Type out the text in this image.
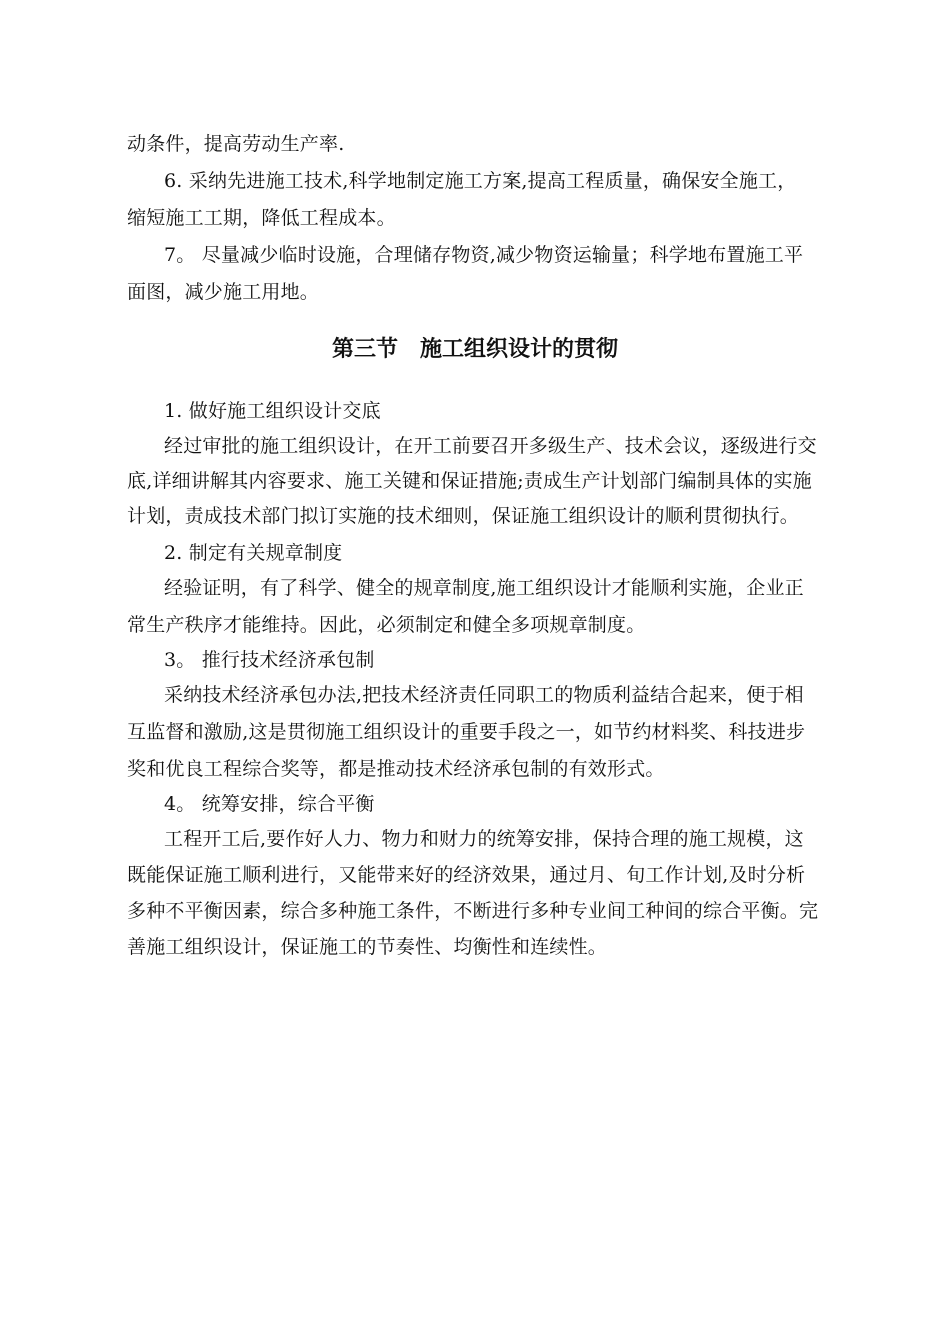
动条件，提高劳动生产率.
6. 采纳先进施工技术,科学地制定施工方案,提高工程质量，确保安全施工，
缩短施工工期，降低工程成本。
7。 尽量减少临时设施，合理储存物资,减少物资运输量；科学地布置施工平
面图，减少施工用地。
第三节　施工组织设计的贯彻
1. 做好施工组织设计交底
经过审批的施工组织设计，在开工前要召开多级生产、技术会议，逐级进行交
底,详细讲解其内容要求、施工关键和保证措施;责成生产计划部门编制具体的实施
计划，责成技术部门拟订实施的技术细则，保证施工组织设计的顺利贯彻执行。
2. 制定有关规章制度
经验证明，有了科学、健全的规章制度,施工组织设计才能顺利实施，企业正
常生产秩序才能维持。因此，必须制定和健全多项规章制度。
3。 推行技术经济承包制
采纳技术经济承包办法,把技术经济责任同职工的物质利益结合起来，便于相
互监督和激励,这是贯彻施工组织设计的重要手段之一，如节约材料奖、科技进步
奖和优良工程综合奖等，都是推动技术经济承包制的有效形式。
4。 统筹安排，综合平衡
工程开工后,要作好人力、物力和财力的统筹安排，保持合理的施工规模，这
既能保证施工顺利进行，又能带来好的经济效果，通过月、旬工作计划,及时分析
多种不平衡因素，综合多种施工条件，不断进行多种专业间工种间的综合平衡。完
善施工组织设计，保证施工的节奏性、均衡性和连续性。
